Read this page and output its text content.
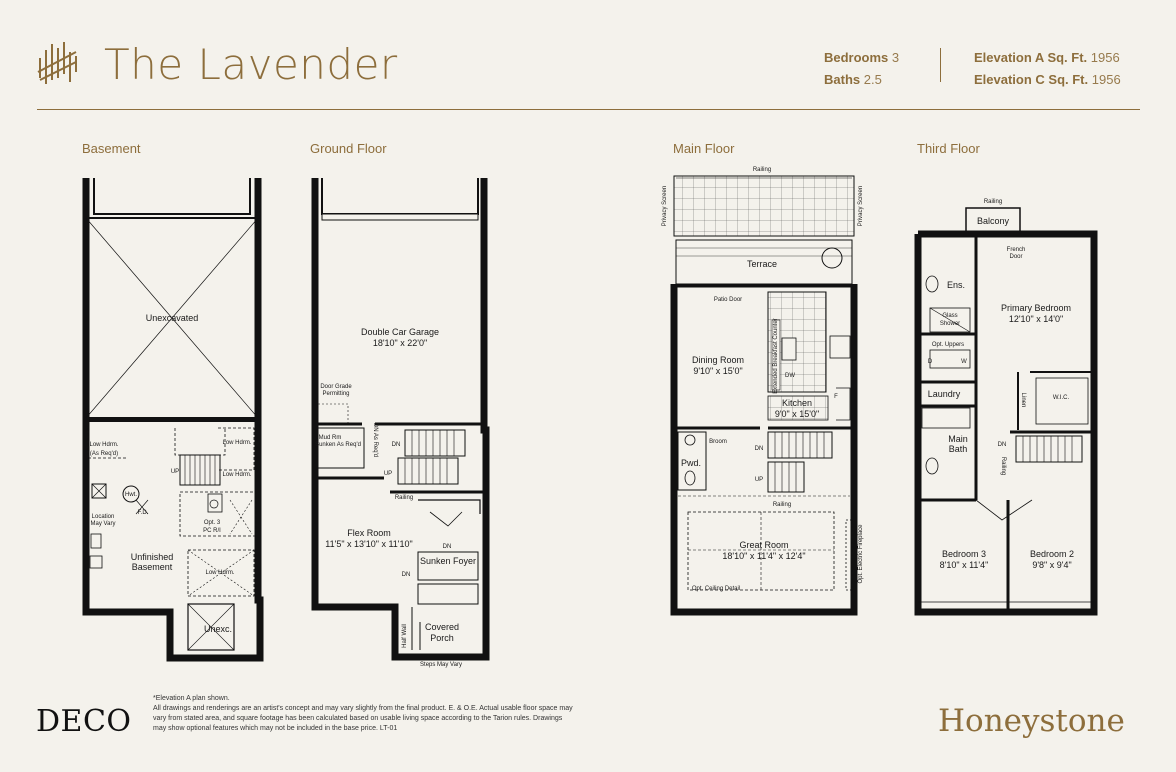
The Lavender	Bedrooms 3
Baths 2.5
Elevation A Sq. Ft. 1956
Elevation C Sq. Ft. 1956
Basement	Ground Floor	Main Floor	Third Floor
Unexcavated
Low Hdrm.
(As Req'd)
Low Hdrm.
Low Hdrm.
UP
Hwt.
F.D.
Location
May Vary	Opt. 3
PC R/I
Unfinished
Basement
Low Hdrm.
Unexc.
Double Car Garage
18'10" x 22'0"
Door Grade
Permitting
Mud Rm
Sunken As Req'd DN As Req'd DN
UP
Railing
Flex Room
11'5" x 13'10" x 11'10"	DN
Sunken Foyer
DN
Half Wall Covered
Porch
Steps May Vary
Railing
Privacy Screen	Privacy Screen
Terrace
Patio Door
Dining Room
9'10" x 15'0"	Extended Breakfast Counter DW
Kitchen
9'0" x 15'0"
F
Broom
Pwd.
DN
UP
Railing
Great Room
18'10" x 11'4" x 12'4"
Opt. Ceiling Detail
Opt. Electric Fireplace
Railing
Balcony
French
Door
Ens.
Glass
Shower
Primary Bedroom
12'10" x 14'0"
Opt. Uppers
D	W
Laundry	Linen	W.I.C.
Main
Bath	DN
Railing
Bedroom 3
8'10" x 11'4"
Bedroom 2
9'8" x 9'4"
*Elevation A plan shown.
All drawings and renderings are an artist's concept and may vary slightly from the final product. E. & O.E. Actual usable floor space may vary from stated area, and square footage has been calculated based on usable living space according to the Tarion rules. Drawings may show optional features which may not be included in the base price. LT-01
DECO	Honeystone
